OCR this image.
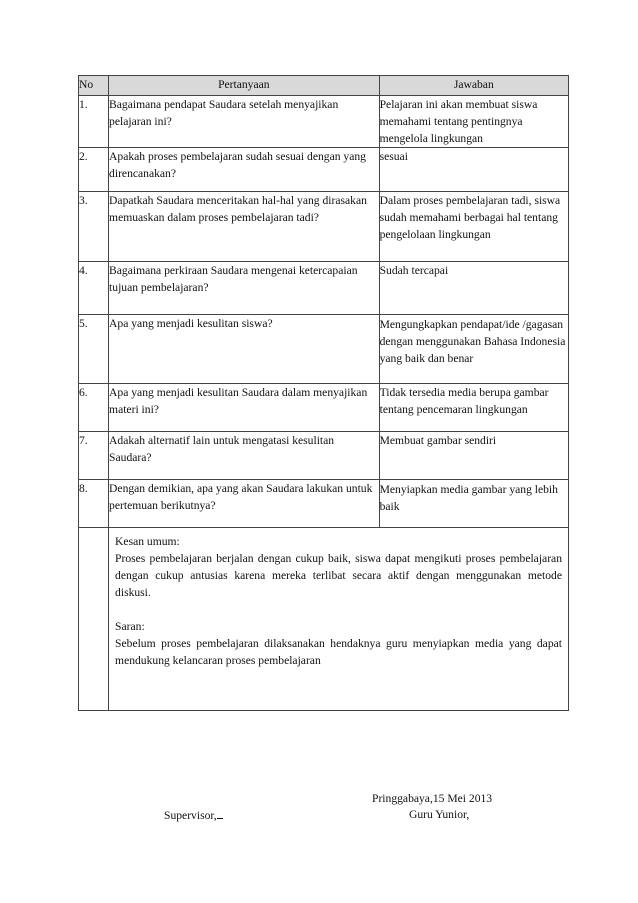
No	Pertanyaan	Jawaban
1.	Bagaimana pendapat Saudara setelah menyajikan pelajaran ini?	Pelajaran ini akan membuat siswa memahami tentang pentingnya mengelola lingkungan
2.	Apakah proses pembelajaran sudah sesuai dengan yang direncanakan?	sesuai
3.	Dapatkah Saudara menceritakan hal-hal yang dirasakan memuaskan dalam proses pembelajaran tadi?	Dalam proses pembelajaran tadi, siswa sudah memahami berbagai hal tentang pengelolaan lingkungan
4.	Bagaimana perkiraan Saudara mengenai ketercapaian tujuan pembelajaran?	Sudah tercapai
5.	Apa yang menjadi kesulitan siswa?	Mengungkapkan pendapat/ide /gagasan dengan menggunakan Bahasa Indonesia yang baik dan benar
6.	Apa yang menjadi kesulitan Saudara dalam menyajikan materi ini?	Tidak tersedia media berupa gambar tentang pencemaran lingkungan
7.	Adakah alternatif lain untuk mengatasi kesulitan Saudara?	Membuat gambar sendiri
8.	Dengan demikian, apa yang akan Saudara lakukan untuk pertemuan berikutnya?	Menyiapkan media gambar yang lebih baik

	Kesan umum:

Proses pembelajaran berjalan dengan cukup baik, siswa dapat mengikuti proses pembelajaran dengan cukup antusias karena mereka terlibat secara aktif dengan menggunakan metode diskusi.

Saran:

Sebelum proses pembelajaran dilaksanakan hendaknya guru menyiapkan media yang dapat mendukung kelancaran proses pembelajaran	

Pringgabaya,15 Mei 2013
Supervisor,	Guru Yunior,
